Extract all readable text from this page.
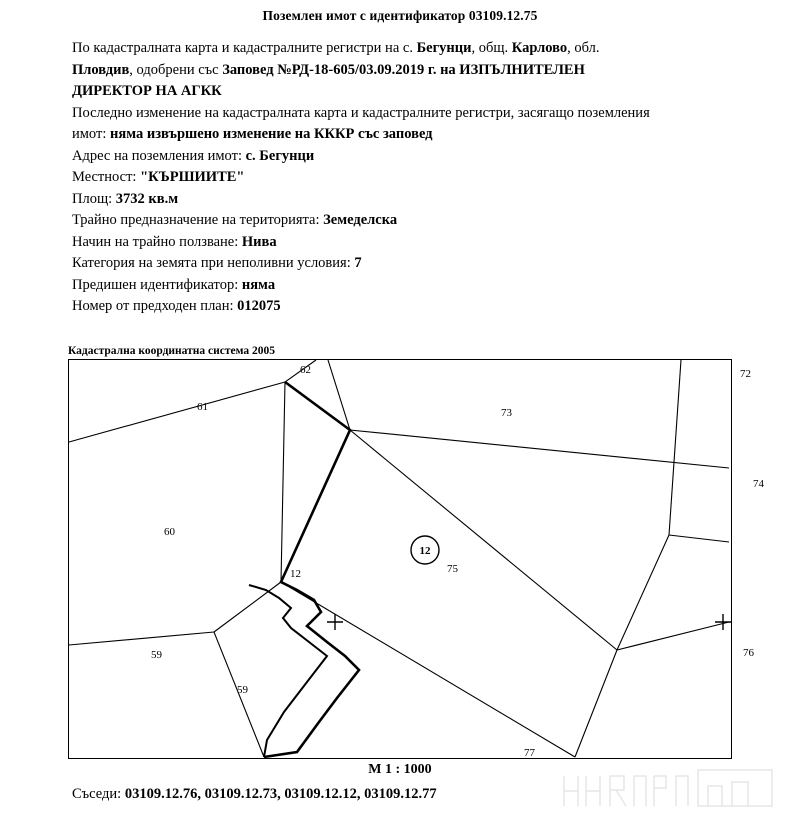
Поземлен имот с идентификатор 03109.12.75

По кадастралната карта и кадастралните регистри на с. Бегунци, общ. Карлово, обл.

Пловдив, одобрени със Заповед №РД-18-605/03.09.2019 г. на ИЗПЪЛНИТЕЛЕН

ДИРЕКТОР НА АГКК

Последно изменение на кадастралната карта и кадастралните регистри, засягащо поземления

имот: няма извършено изменение на КККР със заповед

Адрес на поземления имот: с. Бегунци

Местност: "КЪРШИИТЕ"

Площ: 3732 кв.м

Трайно предназначение на територията: Земеделска

Начин на трайно ползване: Нива

Категория на земята при неполивни условия: 7

Предишен идентификатор: няма

Номер от предходен план: 012075

Кадастрална координатна система 2005
12
62
61
60
59
59
12
73
72
74
75
76
77
М 1 : 1000
Съседи: 03109.12.76, 03109.12.73, 03109.12.12, 03109.12.77
